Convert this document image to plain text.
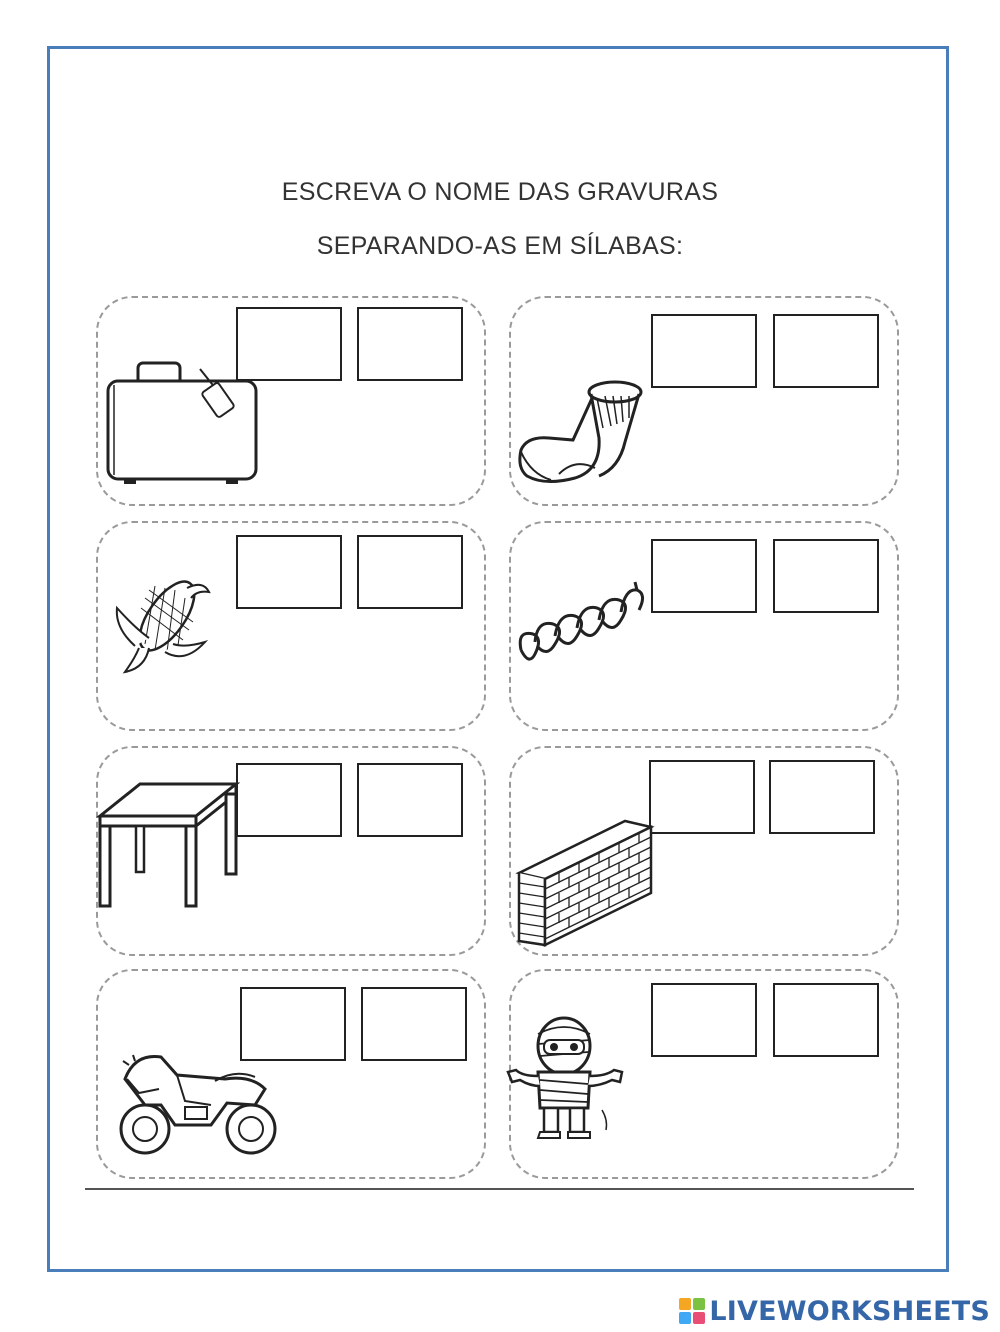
ESCREVA O NOME DAS GRAVURAS
SEPARANDO-AS EM SÍLABAS:
LIVEWORKSHEETS
